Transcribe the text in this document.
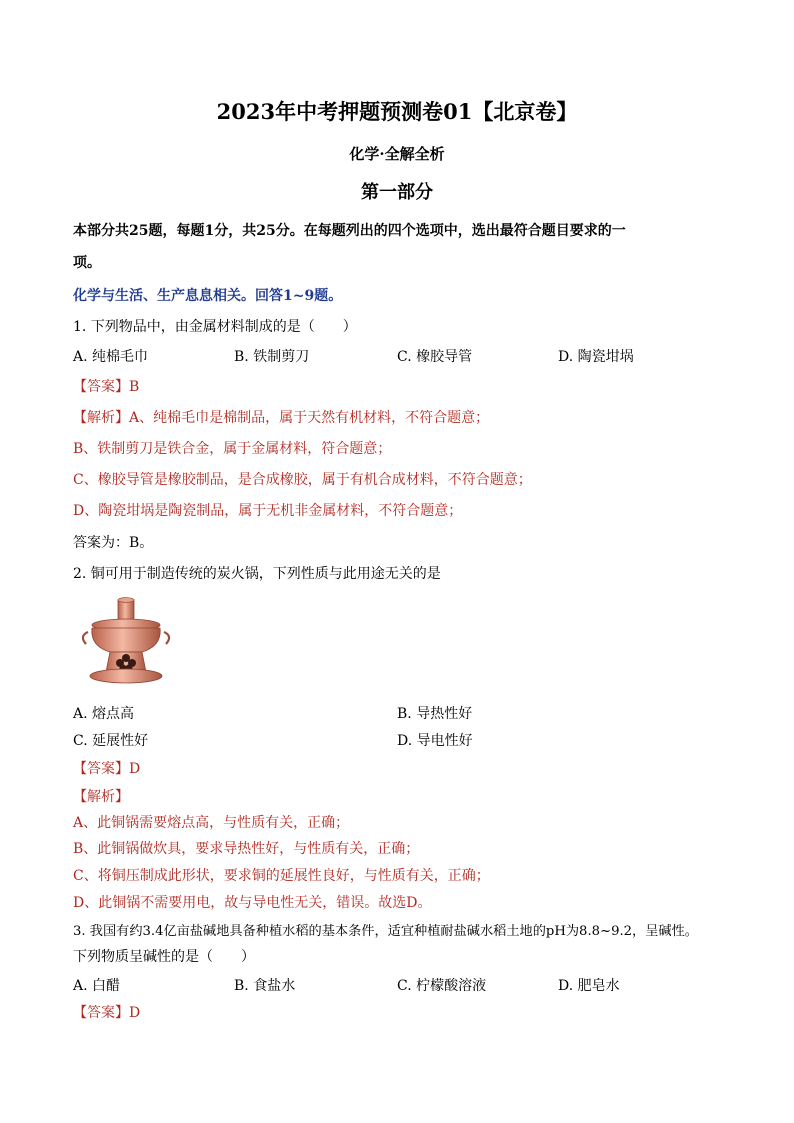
2023年中考押题预测卷01【北京卷】
化学·全解全析
第一部分
本部分共25题，每题1分，共25分。在每题列出的四个选项中，选出最符合题目要求的一
项。
化学与生活、生产息息相关。回答1~9题。
1. 下列物品中，由金属材料制成的是（　　）
A. 纯棉毛巾	B. 铁制剪刀	C. 橡胶导管	D. 陶瓷坩埚
【答案】B
【解析】A、纯棉毛巾是棉制品，属于天然有机材料，不符合题意；
B、铁制剪刀是铁合金，属于金属材料，符合题意；
C、橡胶导管是橡胶制品，是合成橡胶，属于有机合成材料，不符合题意；
D、陶瓷坩埚是陶瓷制品，属于无机非金属材料，不符合题意；
答案为：B。
2. 铜可用于制造传统的炭火锅，下列性质与此用途无关的是
A. 熔点高	B. 导热性好
C. 延展性好	D. 导电性好
【答案】D
【解析】
A、此铜锅需要熔点高，与性质有关，正确；
B、此铜锅做炊具，要求导热性好，与性质有关，正确；
C、将铜压制成此形状，要求铜的延展性良好，与性质有关，正确；
D、此铜锅不需要用电，故与导电性无关，错误。故选D。
3. 我国有约3.4亿亩盐碱地具备种植水稻的基本条件，适宜种植耐盐碱水稻土地的pH为8.8~9.2，呈碱性。
下列物质呈碱性的是（　　）
A. 白醋	B. 食盐水	C. 柠檬酸溶液	D. 肥皂水
【答案】D
